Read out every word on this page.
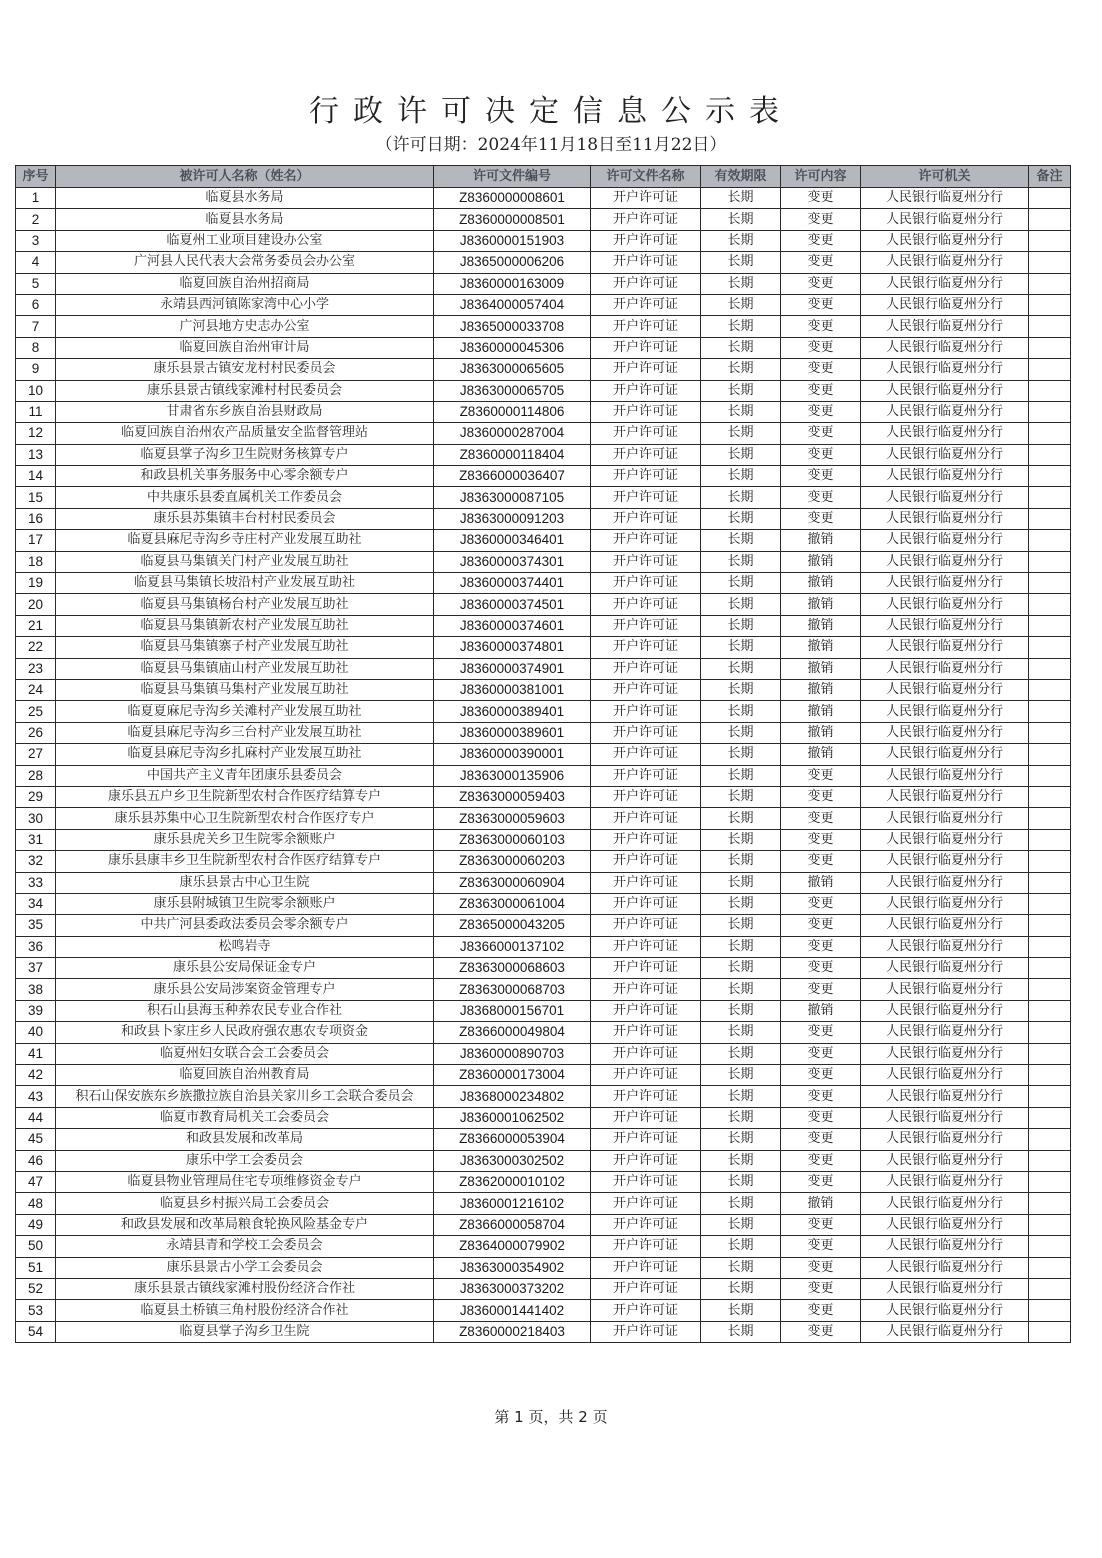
行政许可决定信息公示表
（许可日期：2024年11月18日至11月22日）
序号	被许可人名称（姓名）	许可文件编号	许可文件名称	有效期限	许可内容	许可机关	备注
1	临夏县水务局	Z8360000008601	开户许可证	长期	变更	人民银行临夏州分行	
2	临夏县水务局	Z8360000008501	开户许可证	长期	变更	人民银行临夏州分行	
3	临夏州工业项目建设办公室	J8360000151903	开户许可证	长期	变更	人民银行临夏州分行	
4	广河县人民代表大会常务委员会办公室	J8365000006206	开户许可证	长期	变更	人民银行临夏州分行	
5	临夏回族自治州招商局	J8360000163009	开户许可证	长期	变更	人民银行临夏州分行	
6	永靖县西河镇陈家湾中心小学	J8364000057404	开户许可证	长期	变更	人民银行临夏州分行	
7	广河县地方史志办公室	J8365000033708	开户许可证	长期	变更	人民银行临夏州分行	
8	临夏回族自治州审计局	J8360000045306	开户许可证	长期	变更	人民银行临夏州分行	
9	康乐县景古镇安龙村村民委员会	J8363000065605	开户许可证	长期	变更	人民银行临夏州分行	
10	康乐县景古镇线家滩村村民委员会	J8363000065705	开户许可证	长期	变更	人民银行临夏州分行	
11	甘肃省东乡族自治县财政局	Z8360000114806	开户许可证	长期	变更	人民银行临夏州分行	
12	临夏回族自治州农产品质量安全监督管理站	J8360000287004	开户许可证	长期	变更	人民银行临夏州分行	
13	临夏县掌子沟乡卫生院财务核算专户	Z8360000118404	开户许可证	长期	变更	人民银行临夏州分行	
14	和政县机关事务服务中心零余额专户	Z8366000036407	开户许可证	长期	变更	人民银行临夏州分行	
15	中共康乐县委直属机关工作委员会	J8363000087105	开户许可证	长期	变更	人民银行临夏州分行	
16	康乐县苏集镇丰台村村民委员会	J8363000091203	开户许可证	长期	变更	人民银行临夏州分行	
17	临夏县麻尼寺沟乡寺庄村产业发展互助社	J8360000346401	开户许可证	长期	撤销	人民银行临夏州分行	
18	临夏县马集镇关门村产业发展互助社	J8360000374301	开户许可证	长期	撤销	人民银行临夏州分行	
19	临夏县马集镇长坡沿村产业发展互助社	J8360000374401	开户许可证	长期	撤销	人民银行临夏州分行	
20	临夏县马集镇杨台村产业发展互助社	J8360000374501	开户许可证	长期	撤销	人民银行临夏州分行	
21	临夏县马集镇新农村产业发展互助社	J8360000374601	开户许可证	长期	撤销	人民银行临夏州分行	
22	临夏县马集镇寨子村产业发展互助社	J8360000374801	开户许可证	长期	撤销	人民银行临夏州分行	
23	临夏县马集镇庙山村产业发展互助社	J8360000374901	开户许可证	长期	撤销	人民银行临夏州分行	
24	临夏县马集镇马集村产业发展互助社	J8360000381001	开户许可证	长期	撤销	人民银行临夏州分行	
25	临夏夏麻尼寺沟乡关滩村产业发展互助社	J8360000389401	开户许可证	长期	撤销	人民银行临夏州分行	
26	临夏县麻尼寺沟乡三台村产业发展互助社	J8360000389601	开户许可证	长期	撤销	人民银行临夏州分行	
27	临夏县麻尼寺沟乡扎麻村产业发展互助社	J8360000390001	开户许可证	长期	撤销	人民银行临夏州分行	
28	中国共产主义青年团康乐县委员会	J8363000135906	开户许可证	长期	变更	人民银行临夏州分行	
29	康乐县五户乡卫生院新型农村合作医疗结算专户	Z8363000059403	开户许可证	长期	变更	人民银行临夏州分行	
30	康乐县苏集中心卫生院新型农村合作医疗专户	Z8363000059603	开户许可证	长期	变更	人民银行临夏州分行	
31	康乐县虎关乡卫生院零余额账户	Z8363000060103	开户许可证	长期	变更	人民银行临夏州分行	
32	康乐县康丰乡卫生院新型农村合作医疗结算专户	Z8363000060203	开户许可证	长期	变更	人民银行临夏州分行	
33	康乐县景古中心卫生院	Z8363000060904	开户许可证	长期	撤销	人民银行临夏州分行	
34	康乐县附城镇卫生院零余额账户	Z8363000061004	开户许可证	长期	变更	人民银行临夏州分行	
35	中共广河县委政法委员会零余额专户	Z8365000043205	开户许可证	长期	变更	人民银行临夏州分行	
36	松鸣岩寺	J8366000137102	开户许可证	长期	变更	人民银行临夏州分行	
37	康乐县公安局保证金专户	Z8363000068603	开户许可证	长期	变更	人民银行临夏州分行	
38	康乐县公安局涉案资金管理专户	Z8363000068703	开户许可证	长期	变更	人民银行临夏州分行	
39	积石山县海玉种养农民专业合作社	J8368000156701	开户许可证	长期	撤销	人民银行临夏州分行	
40	和政县卜家庄乡人民政府强农惠农专项资金	Z8366000049804	开户许可证	长期	变更	人民银行临夏州分行	
41	临夏州妇女联合会工会委员会	J8360000890703	开户许可证	长期	变更	人民银行临夏州分行	
42	临夏回族自治州教育局	Z8360000173004	开户许可证	长期	变更	人民银行临夏州分行	
43	积石山保安族东乡族撒拉族自治县关家川乡工会联合委员会	J8368000234802	开户许可证	长期	变更	人民银行临夏州分行	
44	临夏市教育局机关工会委员会	J8360001062502	开户许可证	长期	变更	人民银行临夏州分行	
45	和政县发展和改革局	Z8366000053904	开户许可证	长期	变更	人民银行临夏州分行	
46	康乐中学工会委员会	J8363000302502	开户许可证	长期	变更	人民银行临夏州分行	
47	临夏县物业管理局住宅专项维修资金专户	Z8362000010102	开户许可证	长期	变更	人民银行临夏州分行	
48	临夏县乡村振兴局工会委员会	J8360001216102	开户许可证	长期	撤销	人民银行临夏州分行	
49	和政县发展和改革局粮食轮换风险基金专户	Z8366000058704	开户许可证	长期	变更	人民银行临夏州分行	
50	永靖县青和学校工会委员会	Z8364000079902	开户许可证	长期	变更	人民银行临夏州分行	
51	康乐县景古小学工会委员会	J8363000354902	开户许可证	长期	变更	人民银行临夏州分行	
52	康乐县景古镇线家滩村股份经济合作社	J8363000373202	开户许可证	长期	变更	人民银行临夏州分行	
53	临夏县土桥镇三角村股份经济合作社	J8360001441402	开户许可证	长期	变更	人民银行临夏州分行	
54	临夏县掌子沟乡卫生院	Z8360000218403	开户许可证	长期	变更	人民银行临夏州分行	
第 1 页，共 2 页
